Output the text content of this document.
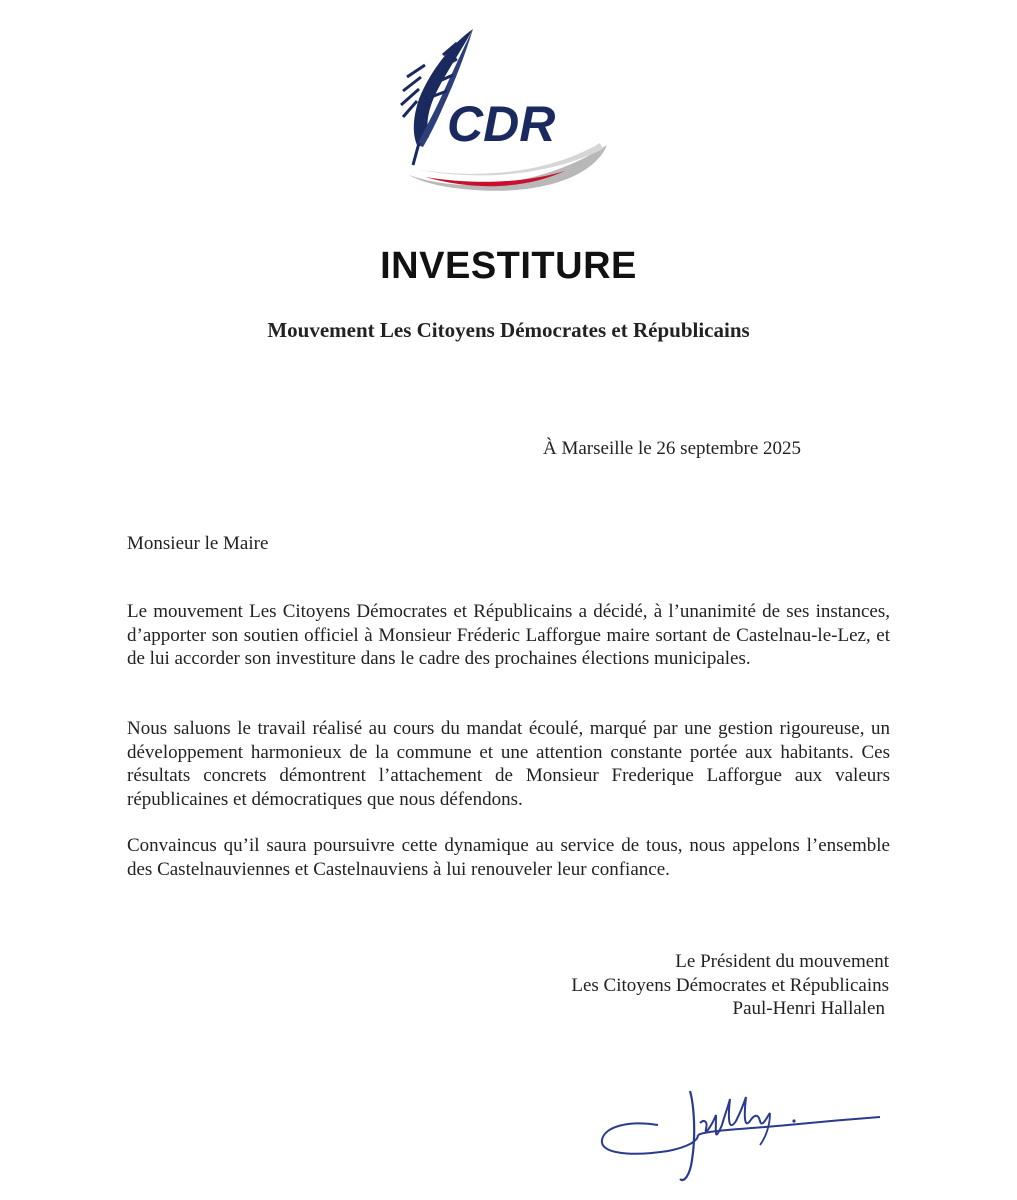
CDR
INVESTITURE
Mouvement Les Citoyens Démocrates et Républicains
À Marseille le 26 septembre 2025
Monsieur le Maire

Le mouvement Les Citoyens Démocrates et Républicains a décidé, à l’unanimité de ses instances, d’apporter son soutien officiel à Monsieur Fréderic Lafforgue maire sortant de Castelnau-le-Lez, et de lui accorder son investiture dans le cadre des prochaines élections municipales.

Nous saluons le travail réalisé au cours du mandat écoulé, marqué par une gestion rigoureuse, un développement harmonieux de la commune et une attention constante portée aux habitants. Ces résultats concrets démontrent l’attachement de Monsieur Frederique Lafforgue aux valeurs républicaines et démocratiques que nous défendons.

Convaincus qu’il saura poursuivre cette dynamique au service de tous, nous appelons l’ensemble des Castelnauviennes et Castelnauviens à lui renouveler leur confiance.

Le Président du mouvement
Les Citoyens Démocrates et Républicains
Paul-Henri Hallalen
